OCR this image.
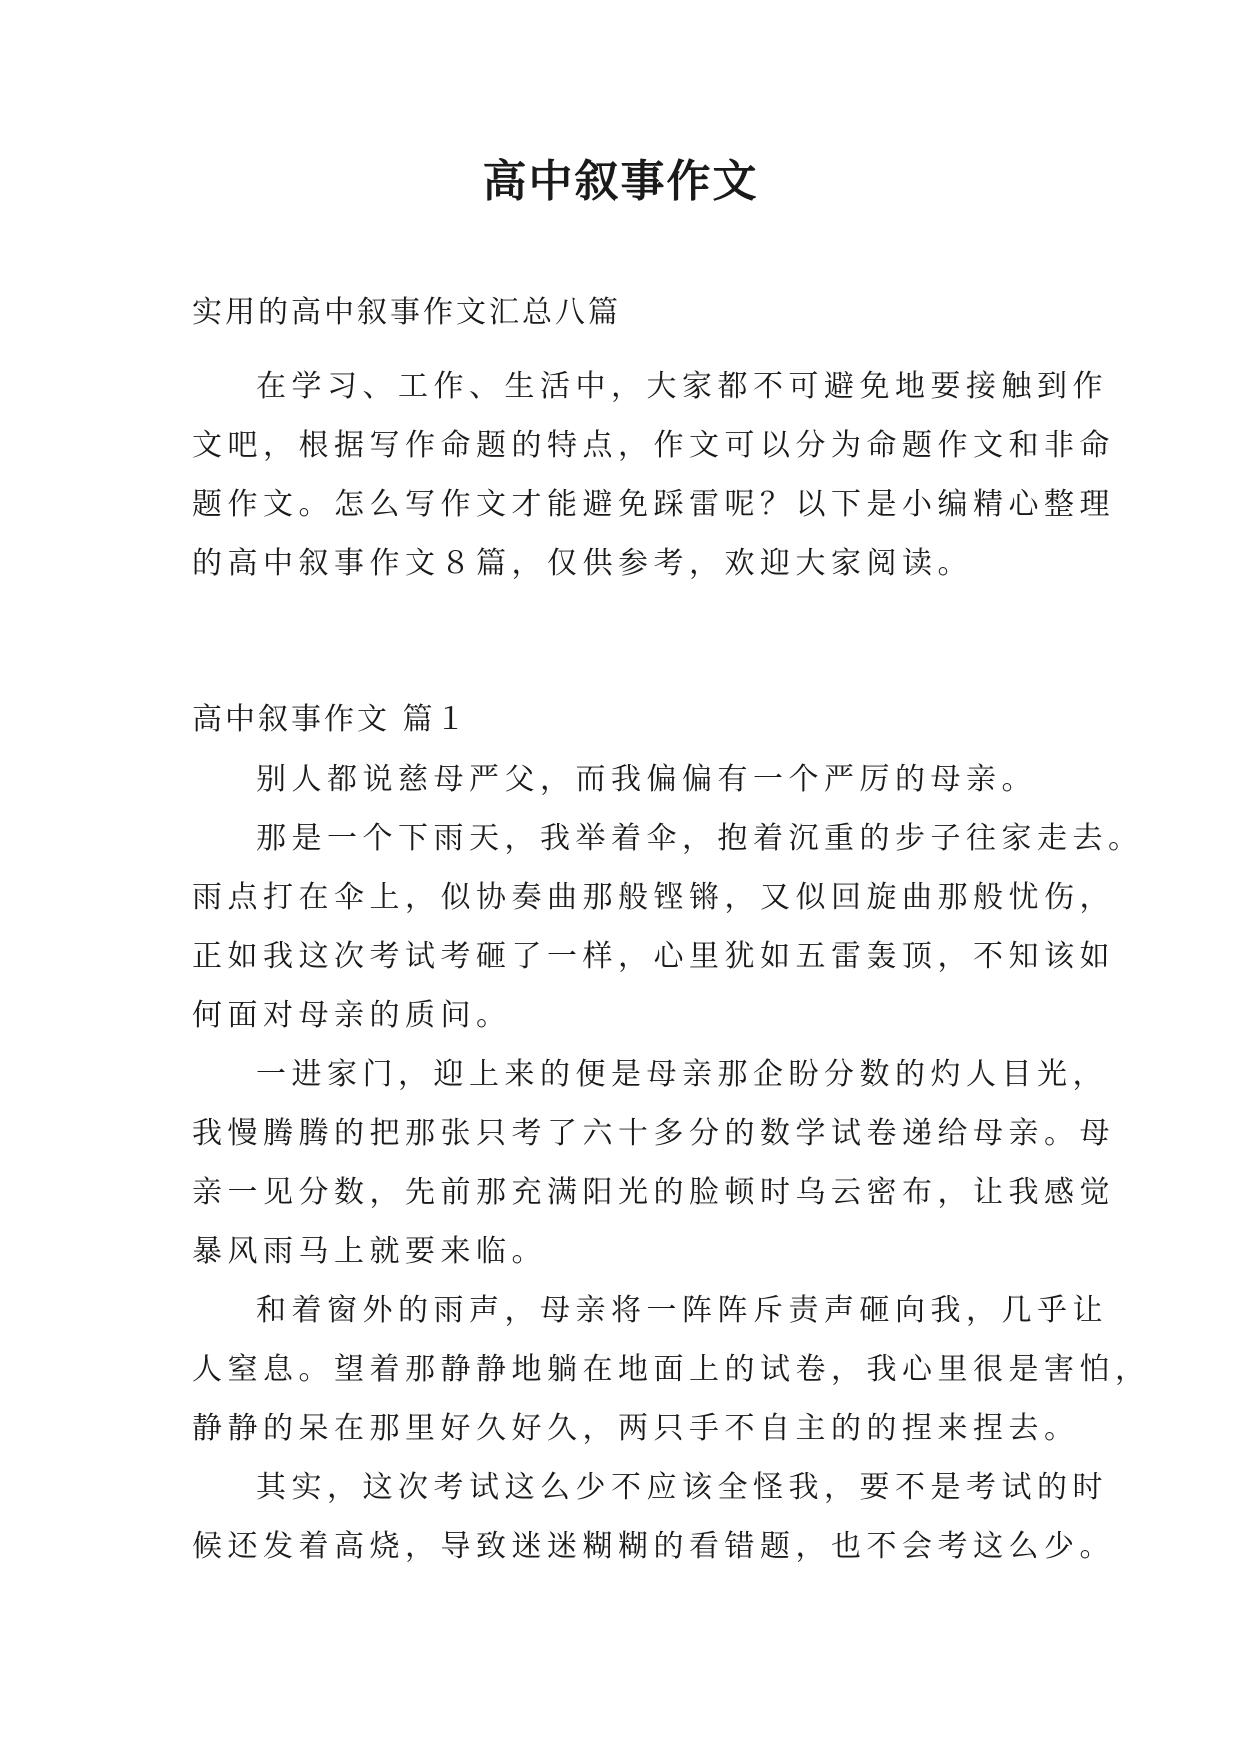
高中叙事作文

实用的高中叙事作文汇总八篇

在学习、工作、生活中，大家都不可避免地要接触到作
文吧，根据写作命题的特点，作文可以分为命题作文和非命
题作文。怎么写作文才能避免踩雷呢？以下是小编精心整理
的高中叙事作文８篇，仅供参考，欢迎大家阅读。

高中叙事作文 篇１

别人都说慈母严父，而我偏偏有一个严厉的母亲。
那是一个下雨天，我举着伞，抱着沉重的步子往家走去。
雨点打在伞上，似协奏曲那般铿锵，又似回旋曲那般忧伤，
正如我这次考试考砸了一样，心里犹如五雷轰顶，不知该如
何面对母亲的质问。
一进家门，迎上来的便是母亲那企盼分数的灼人目光，
我慢腾腾的把那张只考了六十多分的数学试卷递给母亲。母
亲一见分数，先前那充满阳光的脸顿时乌云密布，让我感觉
暴风雨马上就要来临。
和着窗外的雨声，母亲将一阵阵斥责声砸向我，几乎让
人窒息。望着那静静地躺在地面上的试卷，我心里很是害怕，
静静的呆在那里好久好久，两只手不自主的的捏来捏去。
其实，这次考试这么少不应该全怪我，要不是考试的时
候还发着高烧，导致迷迷糊糊的看错题，也不会考这么少。
